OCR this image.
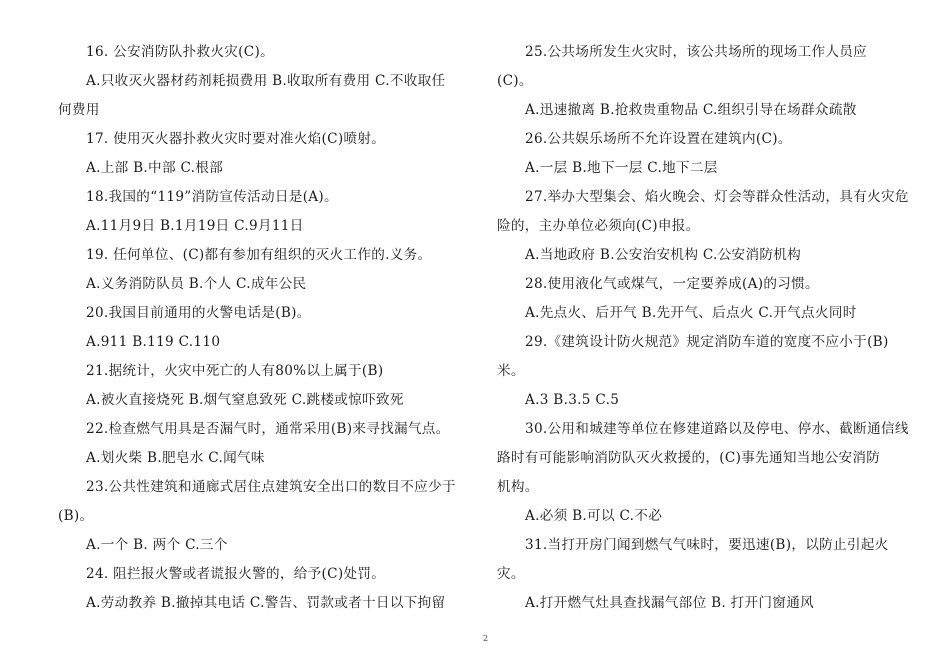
16. 公安消防队扑救火灾(C)。
A.只收灭火器材药剂耗损费用 B.收取所有费用 C.不收取任
何费用
17. 使用灭火器扑救火灾时要对准火焰(C)喷射。
A.上部 B.中部 C.根部
18.我国的“119”消防宣传活动日是(A)。
A.11月9日 B.1月19日 C.9月11日
19. 任何单位、(C)都有参加有组织的灭火工作的.义务。
A.义务消防队员 B.个人 C.成年公民
20.我国目前通用的火警电话是(B)。
A.911 B.119 C.110
21.据统计，火灾中死亡的人有80%以上属于(B)
A.被火直接烧死 B.烟气窒息致死 C.跳楼或惊吓致死
22.检查燃气用具是否漏气时，通常采用(B)来寻找漏气点。
A.划火柴 B.肥皂水 C.闻气味
23.公共性建筑和通廊式居住点建筑安全出口的数目不应少于
(B)。
A.一个 B. 两个 C.三个
24. 阻拦报火警或者谎报火警的，给予(C)处罚。
A.劳动教养 B.撤掉其电话 C.警告、罚款或者十日以下拘留
25.公共场所发生火灾时，该公共场所的现场工作人员应
(C)。
A.迅速撤离 B.抢救贵重物品 C.组织引导在场群众疏散
26.公共娱乐场所不允许设置在建筑内(C)。
A.一层 B.地下一层 C.地下二层
27.举办大型集会、焰火晚会、灯会等群众性活动，具有火灾危
险的，主办单位必须向(C)申报。
A.当地政府 B.公安治安机构 C.公安消防机构
28.使用液化气或煤气，一定要养成(A)的习惯。
A.先点火、后开气 B.先开气、后点火 C.开气点火同时
29.《建筑设计防火规范》规定消防车道的宽度不应小于(B)
米。
A.3 B.3.5 C.5
30.公用和城建等单位在修建道路以及停电、停水、截断通信线
路时有可能影响消防队灭火救援的，(C)事先通知当地公安消防
机构。
A.必须 B.可以 C.不必
31.当打开房门闻到燃气气味时，要迅速(B)，以防止引起火
灾。
A.打开燃气灶具查找漏气部位 B. 打开门窗通风
2
